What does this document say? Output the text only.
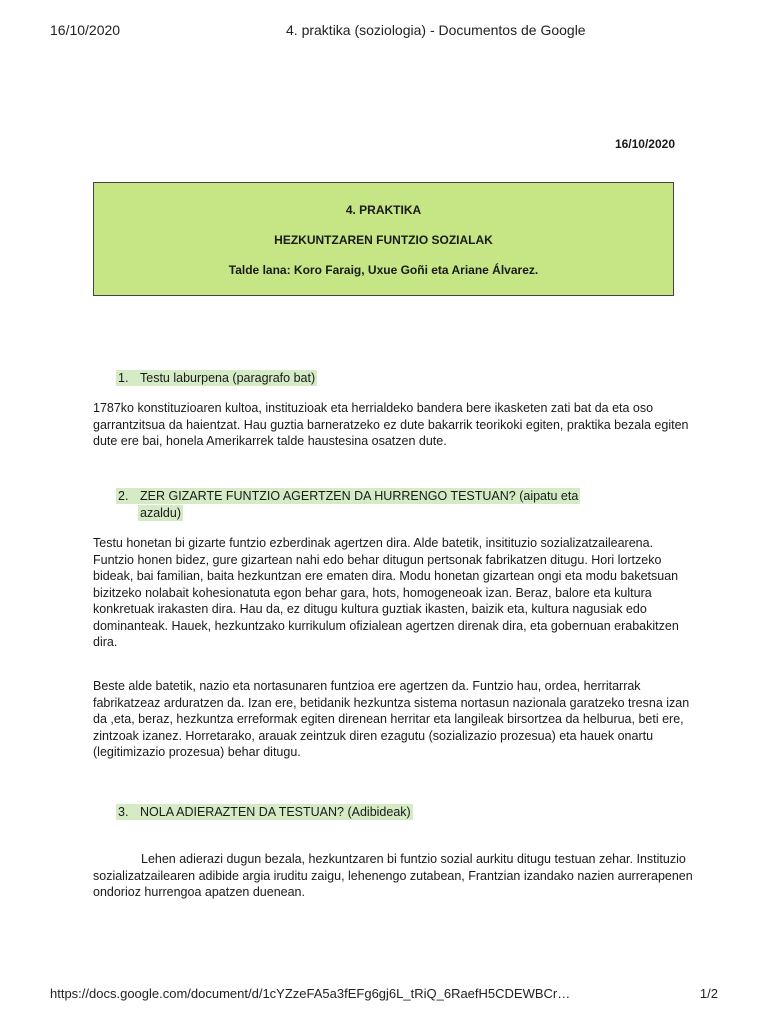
16/10/2020	4. praktika (soziologia) - Documentos de Google
16/10/2020
4. PRAKTIKA
HEZKUNTZAREN FUNTZIO SOZIALAK
Talde lana: Koro Faraig, Uxue Goñi eta Ariane Álvarez.
1. Testu laburpena (paragrafo bat)

1787ko konstituzioaren kultoa, instituzioak eta herrialdeko bandera bere ikasketen zati bat da eta oso garrantzitsua da haientzat. Hau guztia barneratzeko ez dute bakarrik teorikoki egiten, praktika bezala egiten dute ere bai, honela Amerikarrek talde haustesina osatzen dute.

2. ZER GIZARTE FUNTZIO AGERTZEN DA HURRENGO TESTUAN? (aipatu eta
azaldu)

Testu honetan bi gizarte funtzio ezberdinak agertzen dira. Alde batetik, insitituzio sozializatzailearena. Funtzio honen bidez, gure gizartean nahi edo behar ditugun pertsonak fabrikatzen ditugu. Hori lortzeko bideak, bai familian, baita hezkuntzan ere ematen dira. Modu honetan gizartean ongi eta modu baketsuan bizitzeko nolabait kohesionatuta egon behar gara, hots, homogeneoak izan. Beraz, balore eta kultura konkretuak irakasten dira. Hau da, ez ditugu kultura guztiak ikasten, baizik eta, kultura nagusiak edo dominanteak. Hauek, hezkuntzako kurrikulum ofizialean agertzen direnak dira, eta gobernuan erabakitzen dira.

Beste alde batetik, nazio eta nortasunaren funtzioa ere agertzen da. Funtzio hau, ordea, herritarrak fabrikatzeaz arduratzen da. Izan ere, betidanik hezkuntza sistema nortasun nazionala garatzeko tresna izan da ,eta, beraz, hezkuntza erreformak egiten direnean herritar eta langileak birsortzea da helburua, beti ere, zintzoak izanez. Horretarako, arauak zeintzuk diren ezagutu (sozializazio prozesua) eta hauek onartu (legitimizazio prozesua) behar ditugu.

3. NOLA ADIERAZTEN DA TESTUAN? (Adibideak)

Lehen adierazi dugun bezala, hezkuntzaren bi funtzio sozial aurkitu ditugu testuan zehar. Instituzio sozializatzailearen adibide argia iruditu zaigu, lehenengo zutabean, Frantzian izandako nazien aurrerapenen ondorioz hurrengoa apatzen duenean.

https://docs.google.com/document/d/1cYZzeFA5a3fEFg6gj6L_tRiQ_6RaefH5CDEWBCr…	1/2
